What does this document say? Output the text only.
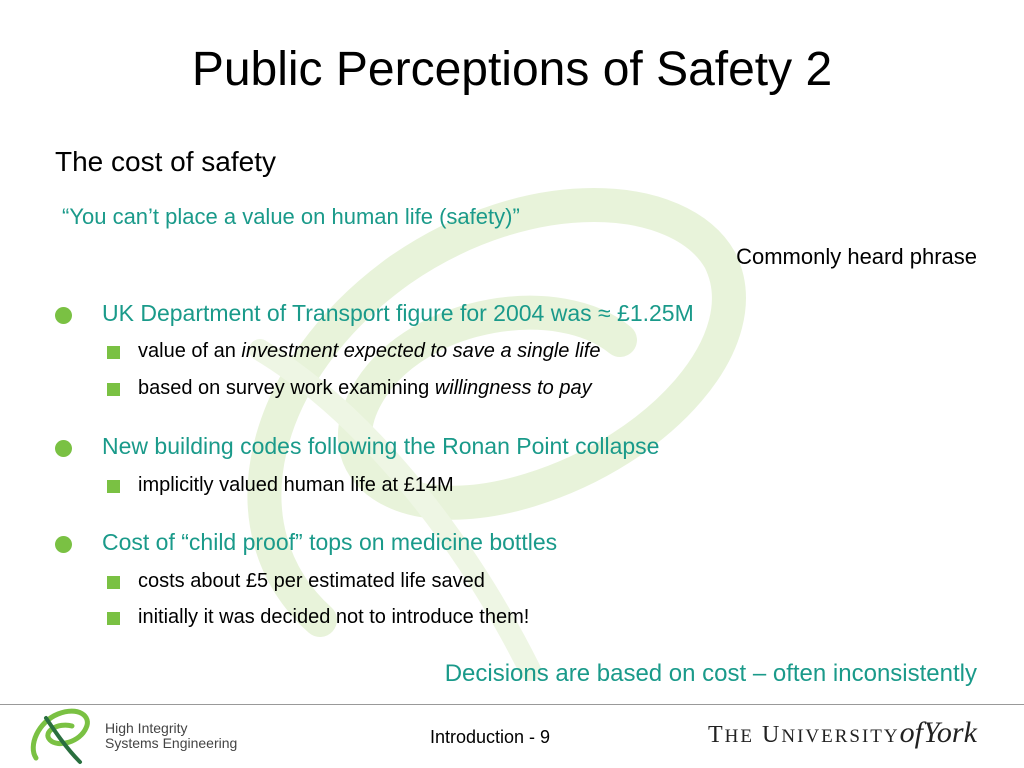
Public Perceptions of Safety 2
The cost of safety
“You can’t place a value on human life (safety)”
Commonly heard phrase
UK Department of Transport figure for 2004 was ≈ £1.25M
value of an investment expected to save a single life
based on survey work examining willingness to pay
New building codes following the Ronan Point collapse
implicitly valued human life at £14M
Cost of “child proof” tops on medicine bottles
costs about £5 per estimated life saved
initially it was decided not to introduce them!
Decisions are based on cost – often inconsistently
High Integrity
Systems Engineering	Introduction - 9	THE UNIVERSITYofYork
